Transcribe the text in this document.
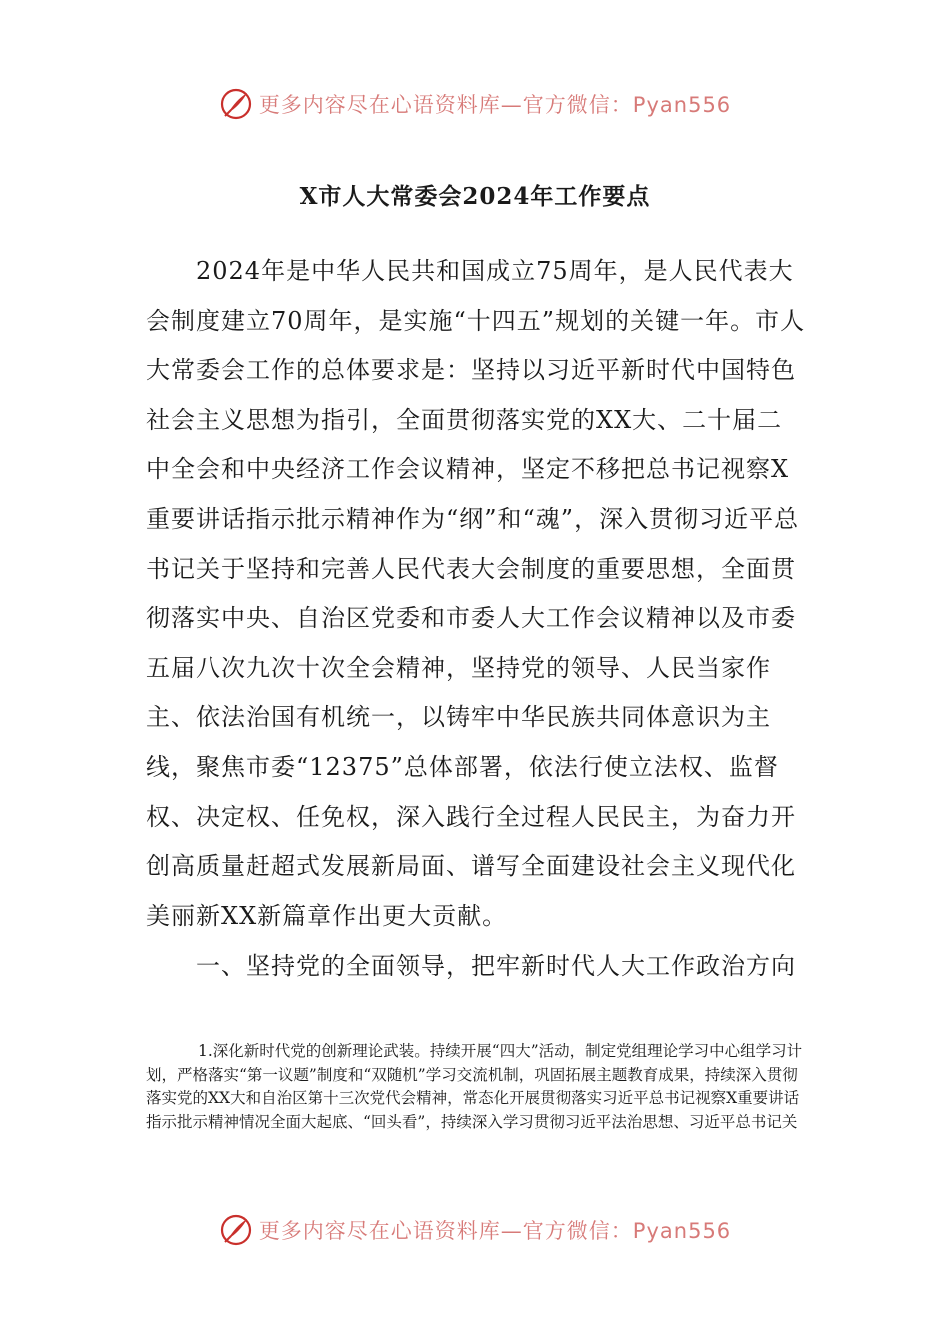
更多内容尽在心语资料库—官方微信：Pyan556
X市人大常委会2024年工作要点

2024年是中华人民共和国成立75周年，是人民代表大会制度建立70周年，是实施“十四五”规划的关键一年。市人大常委会工作的总体要求是：坚持以习近平新时代中国特色社会主义思想为指引，全面贯彻落实党的XX大、二十届二中全会和中央经济工作会议精神，坚定不移把总书记视察X重要讲话指示批示精神作为“纲”和“魂”，深入贯彻习近平总书记关于坚持和完善人民代表大会制度的重要思想，全面贯彻落实中央、自治区党委和市委人大工作会议精神以及市委五届八次九次十次全会精神，坚持党的领导、人民当家作主、依法治国有机统一，以铸牢中华民族共同体意识为主线，聚焦市委“12375”总体部署，依法行使立法权、监督权、决定权、任免权，深入践行全过程人民民主，为奋力开创高质量赶超式发展新局面、谱写全面建设社会主义现代化美丽新XX新篇章作出更大贡献。

一、坚持党的全面领导，把牢新时代人大工作政治方向

1.深化新时代党的创新理论武装。持续开展“四大”活动，制定党组理论学习中心组学习计划，严格落实“第一议题”制度和“双随机”学习交流机制，巩固拓展主题教育成果，持续深入贯彻落实党的XX大和自治区第十三次党代会精神，常态化开展贯彻落实习近平总书记视察X重要讲话指示批示精神情况全面大起底、“回头看”，持续深入学习贯彻习近平法治思想、习近平总书记关

更多内容尽在心语资料库—官方微信：Pyan556
